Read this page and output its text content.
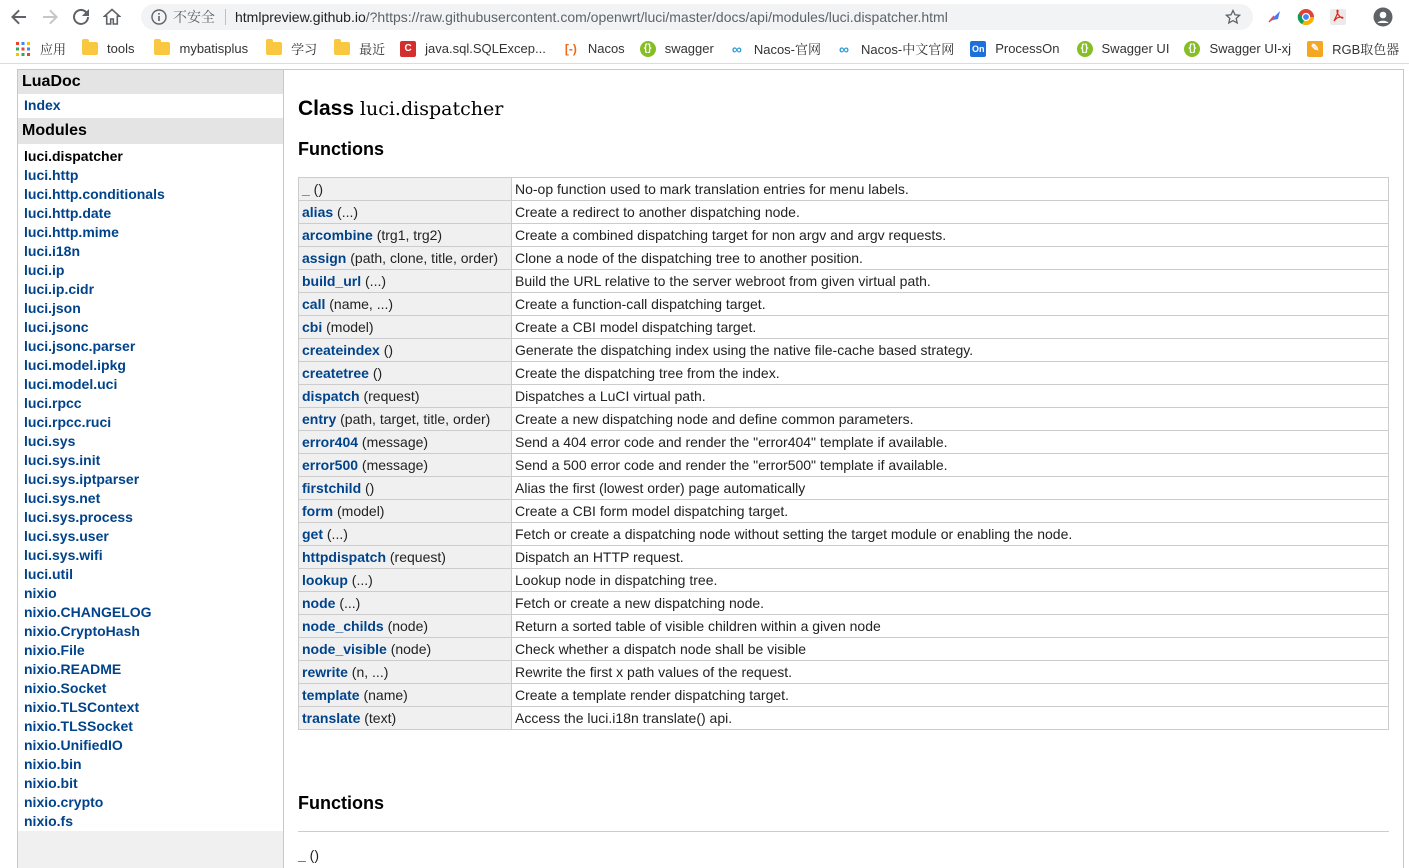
不安全 htmlpreview.github.io/?https://raw.githubusercontent.com/openwrt/luci/master/docs/api/modules/luci.dispatcher.html
应用	tools	mybatisplus	学习	最近	C	java.sql.SQLExcep... [-) Nacos	{}	swagger ∞ Nacos-官网 ∞ Nacos-中文官网 On ProcessOn	{}	Swagger UI	{}	Swagger UI-xj	✎ RGB取色器
LuaDoc
Index
Modules
luci.dispatcher
luci.http
luci.http.conditionals
luci.http.date
luci.http.mime
luci.i18n
luci.ip
luci.ip.cidr
luci.json
luci.jsonc
luci.jsonc.parser
luci.model.ipkg
luci.model.uci
luci.rpcc
luci.rpcc.ruci
luci.sys
luci.sys.init
luci.sys.iptparser
luci.sys.net
luci.sys.process
luci.sys.user
luci.sys.wifi
luci.util
nixio
nixio.CHANGELOG
nixio.CryptoHash
nixio.File
nixio.README
nixio.Socket
nixio.TLSContext
nixio.TLSSocket
nixio.UnifiedIO
nixio.bin
nixio.bit
nixio.crypto
nixio.fs
Class luci.dispatcher
Functions
_ ()	No-op function used to mark translation entries for menu labels.
alias (...)	Create a redirect to another dispatching node.
arcombine (trg1, trg2)	Create a combined dispatching target for non argv and argv requests.
assign (path, clone, title, order)	Clone a node of the dispatching tree to another position.
build_url (...)	Build the URL relative to the server webroot from given virtual path.
call (name, ...)	Create a function-call dispatching target.
cbi (model)	Create a CBI model dispatching target.
createindex ()	Generate the dispatching index using the native file-cache based strategy.
createtree ()	Create the dispatching tree from the index.
dispatch (request)	Dispatches a LuCI virtual path.
entry (path, target, title, order)	Create a new dispatching node and define common parameters.
error404 (message)	Send a 404 error code and render the "error404" template if available.
error500 (message)	Send a 500 error code and render the "error500" template if available.
firstchild ()	Alias the first (lowest order) page automatically
form (model)	Create a CBI form model dispatching target.
get (...)	Fetch or create a dispatching node without setting the target module or enabling the node.
httpdispatch (request)	Dispatch an HTTP request.
lookup (...)	Lookup node in dispatching tree.
node (...)	Fetch or create a new dispatching node.
node_childs (node)	Return a sorted table of visible children within a given node
node_visible (node)	Check whether a dispatch node shall be visible
rewrite (n, ...)	Rewrite the first x path values of the request.
template (name)	Create a template render dispatching target.
translate (text)	Access the luci.i18n translate() api.
Functions
_ ()
